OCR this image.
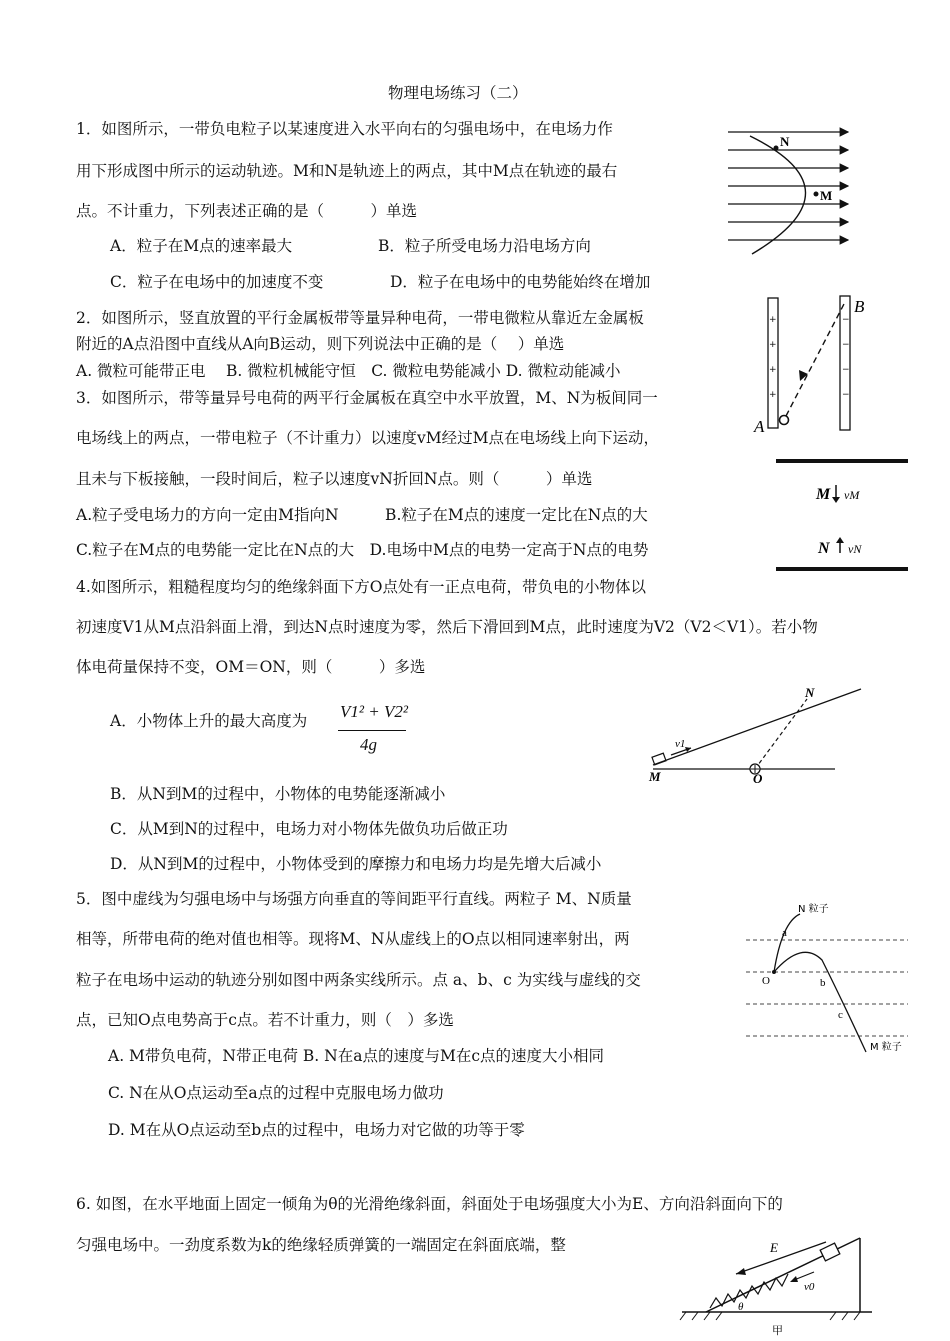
物理电场练习（二）
1．如图所示，一带负电粒子以某速度进入水平向右的匀强电场中，在电场力作
用下形成图中所示的运动轨迹。M和N是轨迹上的两点，其中M点在轨迹的最右
点。不计重力，下列表述正确的是（　　　）单选
A．粒子在M点的速率最大	B．粒子所受电场力沿电场方向
C．粒子在电场中的加速度不变	D．粒子在电场中的电势能始终在增加
N
M
2．如图所示，竖直放置的平行金属板带等量异种电荷，一带电微粒从靠近左金属板
附近的A点沿图中直线从A向B运动，则下列说法中正确的是（　 ）单选
A. 微粒可能带正电　 B. 微粒机械能守恒　C. 微粒电势能减小 D. 微粒动能减小
+
+
+
+
−
−
−
−
A
B
3．如图所示，带等量异号电荷的两平行金属板在真空中水平放置，M、N为板间同一
电场线上的两点，一带电粒子（不计重力）以速度vM经过M点在电场线上向下运动，
且未与下板接触，一段时间后，粒子以速度vN折回N点。则（　　　）单选
A.粒子受电场力的方向一定由M指向N　　　B.粒子在M点的速度一定比在N点的大
C.粒子在M点的电势能一定比在N点的大　D.电场中M点的电势一定高于N点的电势
M vM
N vN
4.如图所示，粗糙程度均匀的绝缘斜面下方O点处有一正点电荷，带负电的小物体以
初速度V1从M点沿斜面上滑，到达N点时速度为零，然后下滑回到M点，此时速度为V2（V2＜V1）。若小物
体电荷量保持不变，OM＝ON，则（　　　）多选
A．小物体上升的最大高度为 V1² + V2²
4g
B．从N到M的过程中，小物体的电势能逐渐减小
C．从M到N的过程中，电场力对小物体先做负功后做正功
D．从N到M的过程中，小物体受到的摩擦力和电场力均是先增大后减小
N
M	O
v1
5．图中虚线为匀强电场中与场强方向垂直的等间距平行直线。两粒子 M、N质量
相等，所带电荷的绝对值也相等。现将M、N从虚线上的O点以相同速率射出，两
粒子在电场中运动的轨迹分别如图中两条实线所示。点 a、b、c 为实线与虚线的交
点，已知O点电势高于c点。若不计重力，则（　）多选
A. M带负电荷，N带正电荷 B. N在a点的速度与M在c点的速度大小相同
C. N在从O点运动至a点的过程中克服电场力做功
D. M在从O点运动至b点的过程中，电场力对它做的功等于零
N 粒子
M 粒子
O
a
b
c
6. 如图，在水平地面上固定一倾角为θ的光滑绝缘斜面，斜面处于电场强度大小为E、方向沿斜面向下的
匀强电场中。一劲度系数为k的绝缘轻质弹簧的一端固定在斜面底端，整	E
v0
θ
甲
